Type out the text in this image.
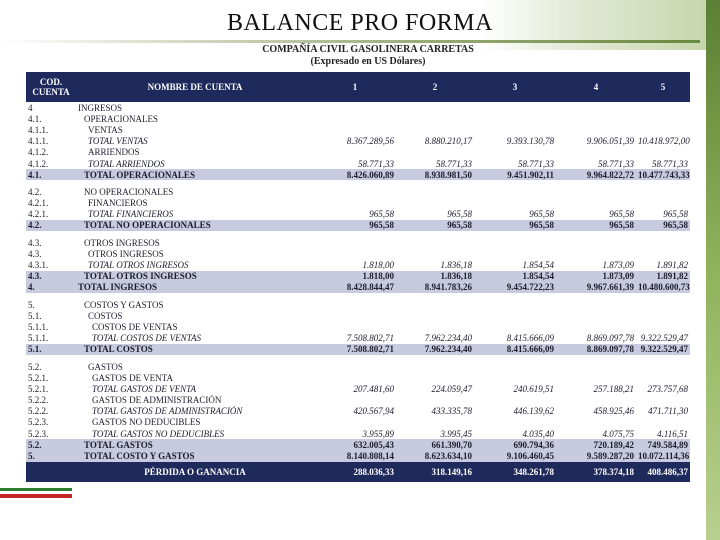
BALANCE PRO FORMA
COMPAÑÍA CIVIL GASOLINERA CARRETAS
(Expresado en US Dólares)
COD. CUENTA	NOMBRE DE CUENTA	1	2	3	4	5
4	INGRESOS					
4.1.	OPERACIONALES					
4.1.1.	VENTAS					
4.1.1.	TOTAL VENTAS	8.367.289,56	8.880.210,17	9.393.130,78	9.906.051,39	10.418.972,00
4.1.2.	ARRIENDOS					
4.1.2.	TOTAL ARRIENDOS	58.771,33	58.771,33	58.771,33	58.771,33	58.771,33
4.1.	TOTAL OPERACIONALES	8.426.060,89	8.938.981,50	9.451.902,11	9.964.822,72	10.477.743,33

4.2.	NO OPERACIONALES					
4.2.1.	FINANCIEROS					
4.2.1.	TOTAL FINANCIEROS	965,58	965,58	965,58	965,58	965,58
4.2.	TOTAL NO OPERACIONALES	965,58	965,58	965,58	965,58	965,58

4.3.	OTROS INGRESOS					
4.3.	OTROS INGRESOS					
4.3.1.	TOTAL OTROS INGRESOS	1.818,00	1.836,18	1.854,54	1.873,09	1.891,82
4.3.	TOTAL OTROS INGRESOS	1.818,00	1.836,18	1.854,54	1.873,09	1.891,82
4.	TOTAL INGRESOS	8.428.844,47	8.941.783,26	9.454.722,23	9.967.661,39	10.480.600,73

5.	COSTOS Y GASTOS					
5.1.	COSTOS					
5.1.1.	COSTOS DE VENTAS					
5.1.1.	TOTAL COSTOS DE VENTAS	7.508.802,71	7.962.234,40	8.415.666,09	8.869.097,78	9.322.529,47
5.1.	TOTAL COSTOS	7.508.802,71	7.962.234,40	8.415.666,09	8.869.097,78	9.322.529,47

5.2.	GASTOS					
5.2.1.	GASTOS DE VENTA					
5.2.1.	TOTAL GASTOS DE VENTA	207.481,60	224.059,47	240.619,51	257.188,21	273.757,68
5.2.2.	GASTOS DE ADMINISTRACIÓN					
5.2.2.	TOTAL GASTOS DE ADMINISTRACIÓN	420.567,94	433.335,78	446.139,62	458.925,46	471.711,30
5.2.3.	GASTOS NO DEDUCIBLES					
5.2.3.	TOTAL GASTOS NO DEDUCIBLES	3.955,89	3.995,45	4.035,40	4.075,75	4.116,51
5.2.	TOTAL GASTOS	632.005,43	661.390,70	690.794,36	720.189,42	749.584,89
5.	TOTAL COSTO Y GASTOS	8.140.808,14	8.623.634,10	9.106.460,45	9.589.287,20	10.072.114,36
	PÉRDIDA O GANANCIA	288.036,33	318.149,16	348.261,78	378.374,18	408.486,37
